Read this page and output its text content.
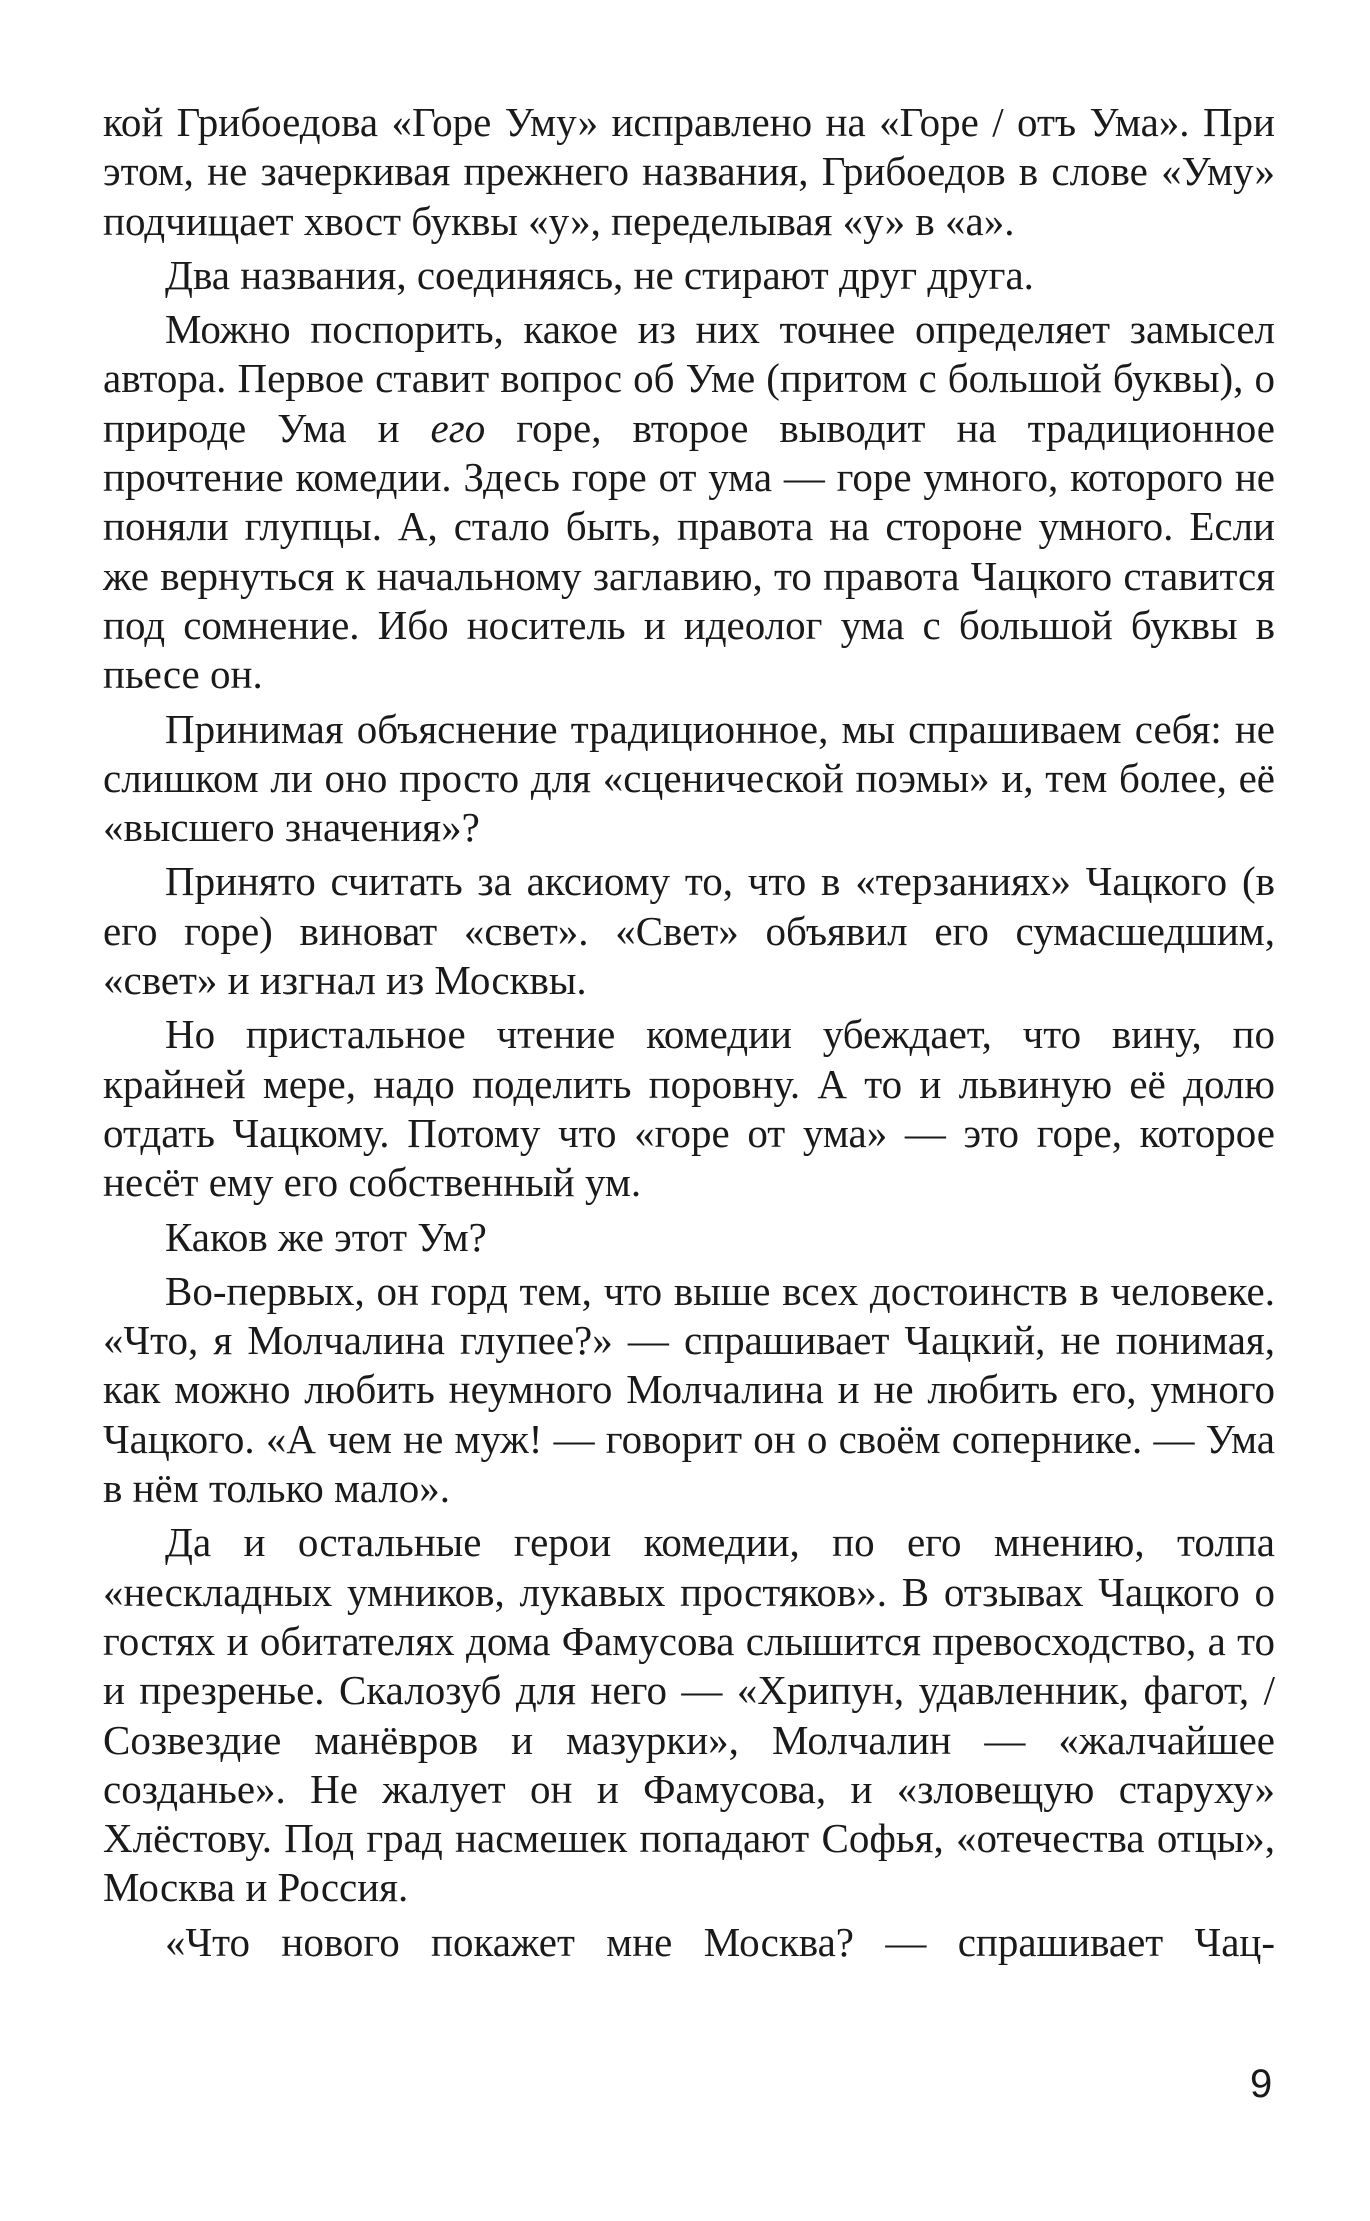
кой Грибоедова «Горе Уму» исправлено на «Горе / отъ Ума». При этом, не зачеркивая прежнего названия, Грибоедов в слове «Уму» подчищает хвост буквы «у», переделывая «у» в «а».

Два названия, соединяясь, не стирают друг друга.

Можно поспорить, какое из них точнее определяет замысел автора. Первое ставит вопрос об Уме (притом с большой буквы), о природе Ума и его горе, второе выводит на традиционное прочтение комедии. Здесь горе от ума — горе умного, которого не поняли глупцы. А, стало быть, правота на стороне умного. Если же вернуться к начальному заглавию, то правота Чацкого ставится под сомнение. Ибо носитель и идеолог ума с большой буквы в пьесе он.

Принимая объяснение традиционное, мы спрашиваем себя: не слишком ли оно просто для «сценической поэмы» и, тем более, её «высшего значения»?

Принято считать за аксиому то, что в «терзаниях» Чацкого (в его горе) виноват «свет». «Свет» объявил его сумасшедшим, «свет» и изгнал из Москвы.

Но пристальное чтение комедии убеждает, что вину, по крайней мере, надо поделить поровну. А то и львиную её долю отдать Чацкому. Потому что «горе от ума» — это горе, которое несёт ему его собственный ум.

Каков же этот Ум?

Во-первых, он горд тем, что выше всех достоинств в человеке. «Что, я Молчалина глупее?» — спрашивает Чацкий, не понимая, как можно любить неумного Молчалина и не любить его, умного Чацкого. «А чем не муж! — говорит он о своём сопернике. — Ума в нём только мало».

Да и остальные герои комедии, по его мнению, толпа «нескладных умников, лукавых простяков». В отзывах Чацкого о гостях и обитателях дома Фамусова слышится превосходство, а то и презренье. Скалозуб для него — «Хрипун, удавленник, фагот, / Созвездие манёвров и мазурки», Молчалин — «жалчайшее созданье». Не жалует он и Фамусова, и «зловещую старуху» Хлёстову. Под град насмешек попадают Софья, «отечества отцы», Москва и Россия.

«Что нового покажет мне Москва? — спрашивает Чац-

9
